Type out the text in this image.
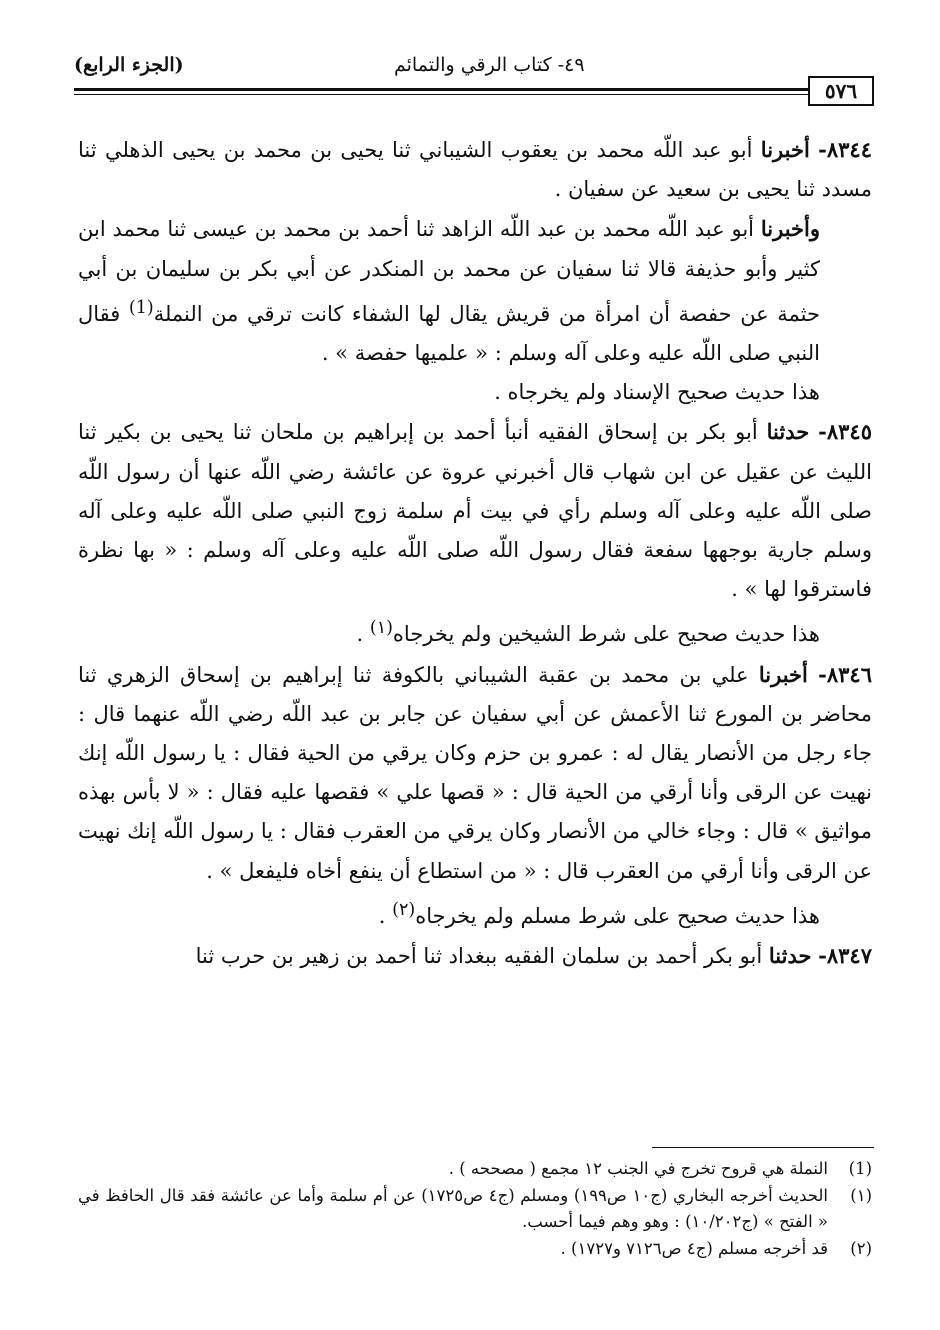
(الجزء الرابع)	٤٩- كتاب الرقي والتمائم
٥٧٦

٨٣٤٤- أخبرنا أبو عبد اللّه محمد بن يعقوب الشيباني ثنا يحيى بن محمد بن يحيى الذهلي ثنا مسدد ثنا يحيى بن سعيد عن سفيان .

وأخبرنا أبو عبد اللّه محمد بن عبد اللّه الزاهد ثنا أحمد بن محمد بن عيسى ثنا محمد ابن كثير وأبو حذيفة قالا ثنا سفيان عن محمد بن المنكدر عن أبي بكر بن سليمان بن أبي حثمة عن حفصة أن امرأة من قريش يقال لها الشفاء كانت ترقي من النملة$^{(1)}$ فقال النبي صلى اللّه عليه وعلى آله وسلم : « علميها حفصة » .

هذا حديث صحيح الإسناد ولم يخرجاه .

٨٣٤٥- حدثنا أبو بكر بن إسحاق الفقيه أنبأ أحمد بن إبراهيم بن ملحان ثنا يحيى بن بكير ثنا الليث عن عقيل عن ابن شهاب قال أخبرني عروة عن عائشة رضي اللّه عنها أن رسول اللّه صلى اللّه عليه وعلى آله وسلم رأي في بيت أم سلمة زوج النبي صلى اللّه عليه وعلى آله وسلم جارية بوجهها سفعة فقال رسول اللّه صلى اللّه عليه وعلى آله وسلم : « بها نظرة فاسترقوا لها » .

هذا حديث صحيح على شرط الشيخين ولم يخرجاه$^{(١)}$ .

٨٣٤٦- أخبرنا علي بن محمد بن عقبة الشيباني بالكوفة ثنا إبراهيم بن إسحاق الزهري ثنا محاضر بن المورع ثنا الأعمش عن أبي سفيان عن جابر بن عبد اللّه رضي اللّه عنهما قال : جاء رجل من الأنصار يقال له : عمرو بن حزم وكان يرقي من الحية فقال : يا رسول اللّه إنك نهيت عن الرقى وأنا أرقي من الحية قال : « قصها علي » فقصها عليه فقال : « لا بأس بهذه مواثيق » قال : وجاء خالي من الأنصار وكان يرقي من العقرب فقال : يا رسول اللّه إنك نهيت عن الرقى وأنا أرقي من العقرب قال : « من استطاع أن ينفع أخاه فليفعل » .

هذا حديث صحيح على شرط مسلم ولم يخرجاه$^{(٢)}$ .

٨٣٤٧- حدثنا أبو بكر أحمد بن سلمان الفقيه ببغداد ثنا أحمد بن زهير بن حرب ثنا

(1)
النملة هي قروح تخرج في الجنب ١٢ مجمع ( مصححه ) .

(١)
الحديث أخرجه البخاري (ج١٠ ص١٩٩) ومسلم (ج٤ ص١٧٢٥) عن أم سلمة وأما عن عائشة فقد قال الحافظ في « الفتح » (ج١٠/٢٠٢) : وهو وهم فيما أحسب.

(٢)
قد أخرجه مسلم (ج٤ ص٧١٢٦ و١٧٢٧) .
